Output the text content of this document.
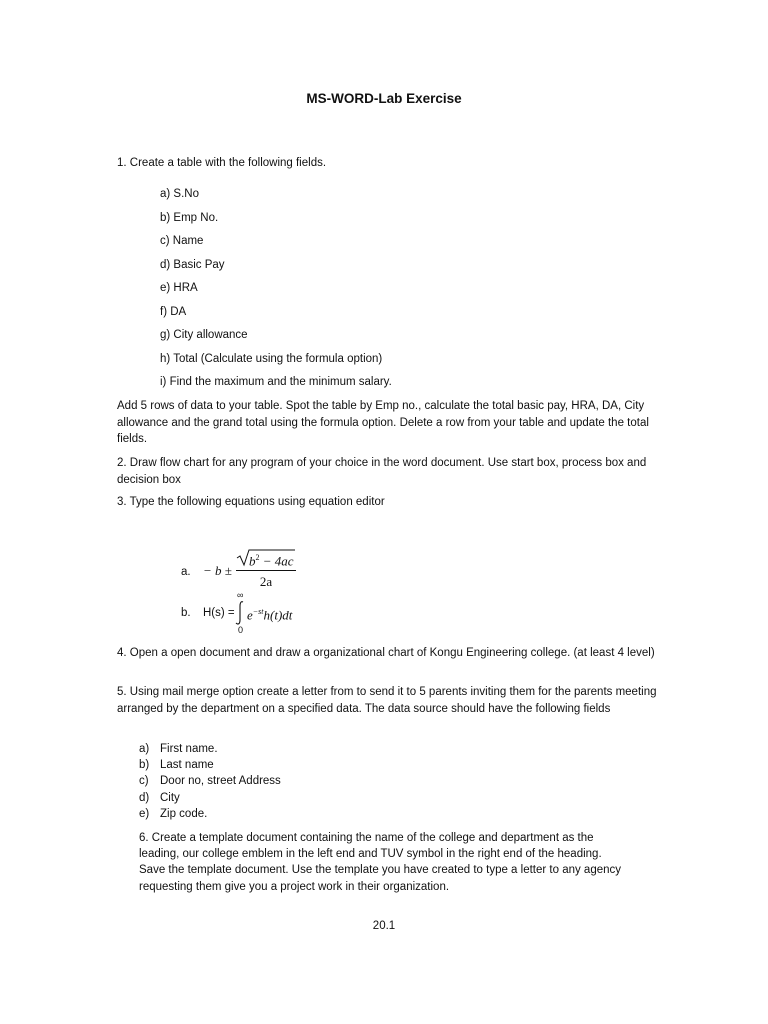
MS-WORD-Lab Exercise
1. Create a table with the following fields.
a) S.No
b) Emp No.
c) Name
d) Basic Pay
e) HRA
f) DA
g) City allowance
h) Total (Calculate using the formula option)
i) Find the maximum and the minimum salary.
Add 5 rows of data to your table. Spot the table by Emp no., calculate the total basic pay, HRA, DA, City allowance and the grand total using the formula option. Delete a row from your table and update the total fields.
2. Draw flow chart for any program of your choice in the word document. Use start box, process box and decision box
3. Type the following equations using equation editor
a. − b ±
$b^2 - 4ac$
2a
b. H(s) =
∞
0
$e^{-st}h(t)dt$
4. Open a open document and draw a organizational chart of Kongu Engineering college. (at least 4 level)
5. Using mail merge option create a letter from to send it to 5 parents inviting them for the parents meeting arranged by the department on a specified data. The data source should have the following fields
a) First name.
b) Last name
c) Door no, street Address
d) City
e) Zip code.
6. Create a template document containing the name of the college and department as the
leading, our college emblem in the left end and TUV symbol in the right end of the heading.
Save the template document. Use the template you have created to type a letter to any agency
requesting them give you a project work in their organization.
20.1
